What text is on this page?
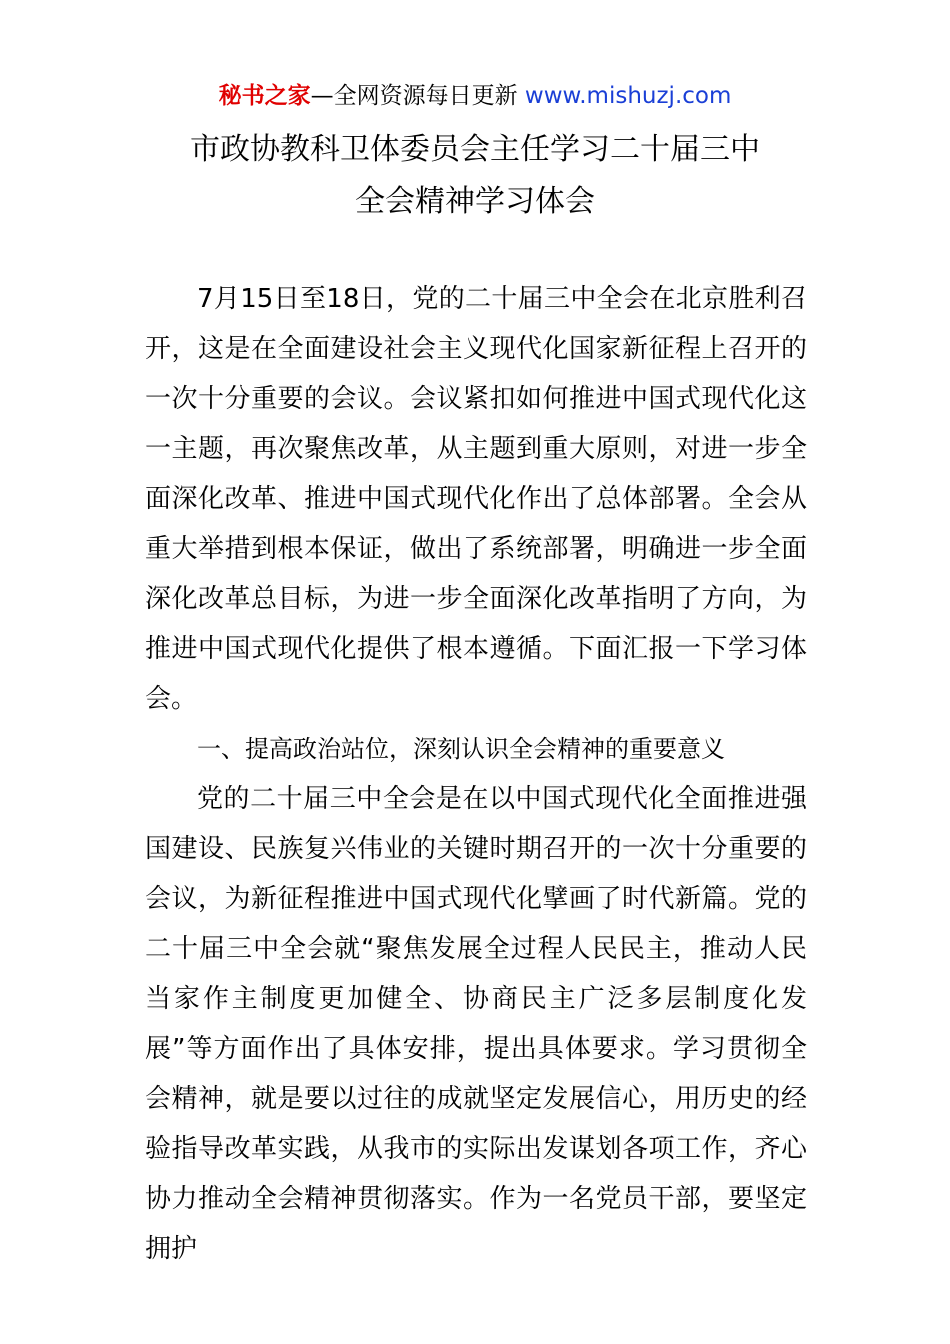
秘书之家—全网资源每日更新 www.mishuzj.com
市政协教科卫体委员会主任学习二十届三中
全会精神学习体会

7月15日至18日，党的二十届三中全会在北京胜利召开，这是在全面建设社会主义现代化国家新征程上召开的一次十分重要的会议。会议紧扣如何推进中国式现代化这一主题，再次聚焦改革，从主题到重大原则，对进一步全面深化改革、推进中国式现代化作出了总体部署。全会从重大举措到根本保证，做出了系统部署，明确进一步全面深化改革总目标，为进一步全面深化改革指明了方向，为推进中国式现代化提供了根本遵循。下面汇报一下学习体会。

一、提高政治站位，深刻认识全会精神的重要意义

党的二十届三中全会是在以中国式现代化全面推进强国建设、民族复兴伟业的关键时期召开的一次十分重要的会议，为新征程推进中国式现代化擘画了时代新篇。党的二十届三中全会就“聚焦发展全过程人民民主，推动人民当家作主制度更加健全、协商民主广泛多层制度化发展”等方面作出了具体安排，提出具体要求。学习贯彻全会精神，就是要以过往的成就坚定发展信心，用历史的经验指导改革实践，从我市的实际出发谋划各项工作，齐心协力推动全会精神贯彻落实。作为一名党员干部，要坚定拥护
